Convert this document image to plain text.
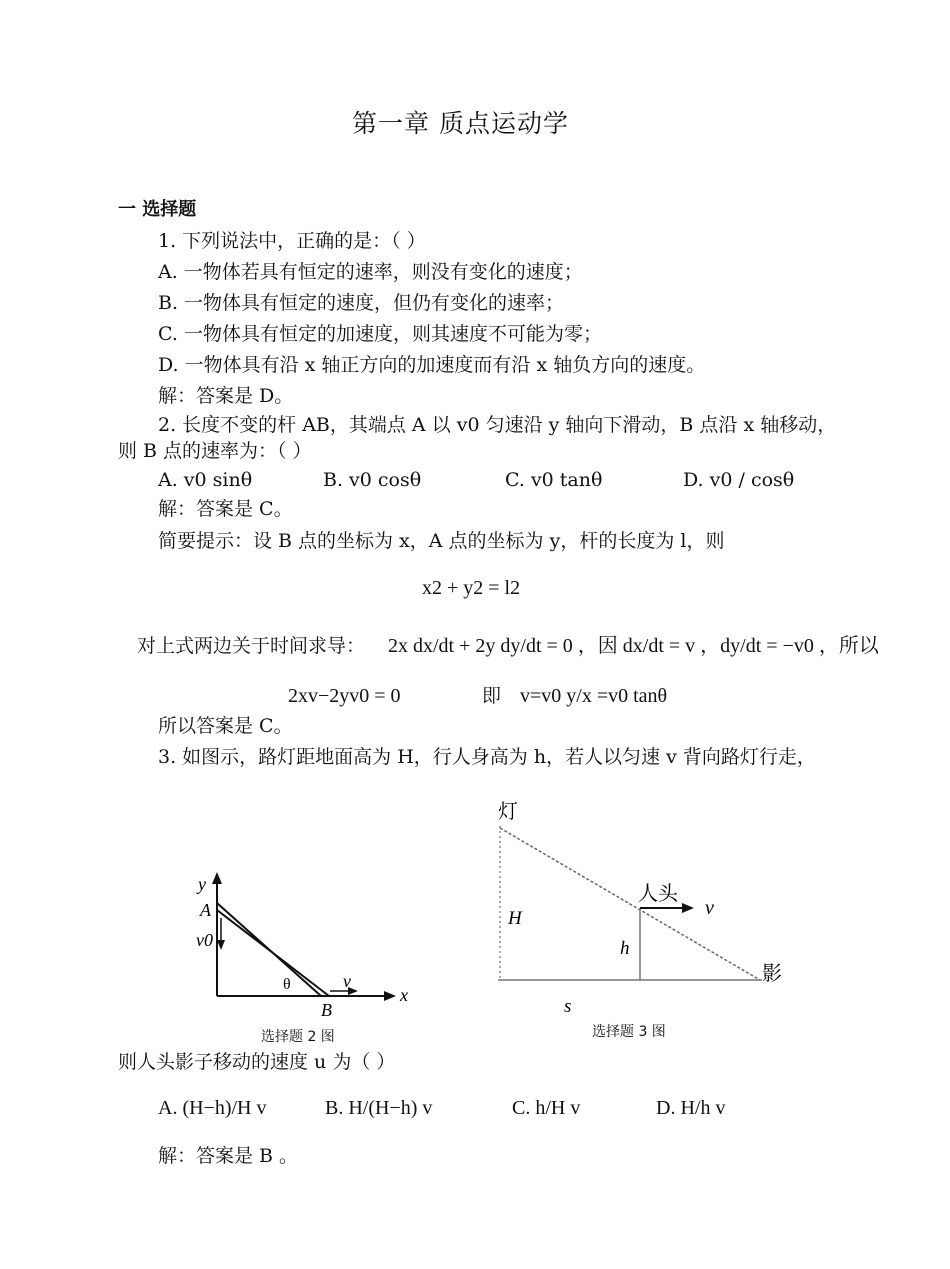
第一章 质点运动学
一 选择题
1. 下列说法中，正确的是：（ ）
A. 一物体若具有恒定的速率，则没有变化的速度；
B. 一物体具有恒定的速度，但仍有变化的速率；
C. 一物体具有恒定的加速度，则其速度不可能为零；
D. 一物体具有沿 x 轴正方向的加速度而有沿 x 轴负方向的速度。
解：答案是 D。
2. 长度不变的杆 AB，其端点 A 以 v0 匀速沿 y 轴向下滑动，B 点沿 x 轴移动，
则 B 点的速率为：（ ）
A. v0 sinθ	B. v0 cosθ	C. v0 tanθ	D. v0 / cosθ
解：答案是 C。
简要提示：设 B 点的坐标为 x，A 点的坐标为 y，杆的长度为 l，则
x2 + y2 = l2
对上式两边关于时间求导： 2x dx/dt + 2y dy/dt = 0 ，因 dx/dt = v ，dy/dt = −v0 ，所以
2xv−2yv0 = 0	即 v=v0 y/x =v0 tanθ
所以答案是 C。
3. 如图示，路灯距地面高为 H，行人身高为 h，若人以匀速 v 背向路灯行走，
y
A
v0
θ	v
x
B
选择题 2 图
灯
人头
v
H
h
影
s
选择题 3 图
则人头影子移动的速度 u 为（ ）
A. (H−h)/H v	B. H/(H−h) v	C. h/H v	D. H/h v
解：答案是 B 。
